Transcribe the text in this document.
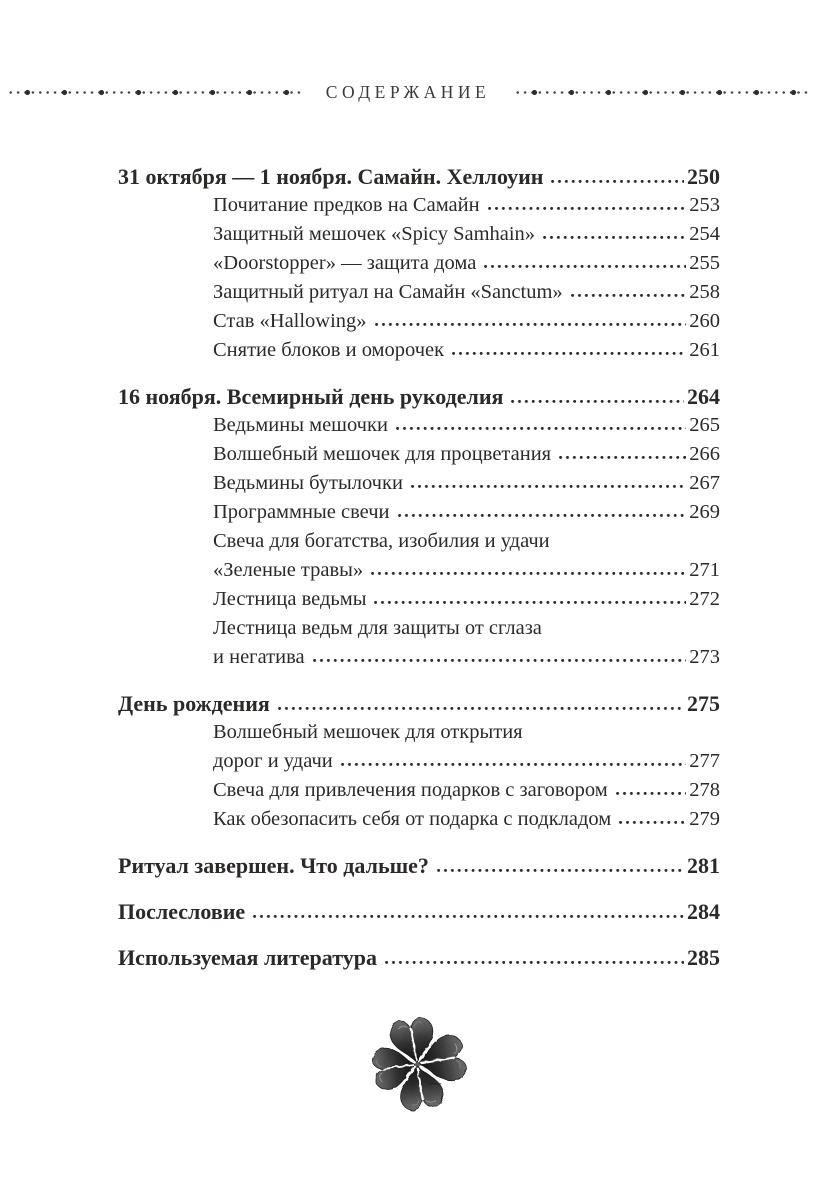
СОДЕРЖАНИЕ
31 октября — 1 ноября. Самайн. Хеллоуин	250
Почитание предков на Самайн	253
Защитный мешочек «Spicy Samhain»	254
«Doorstopper» — защита дома	255
Защитный ритуал на Самайн «Sanctum»	258
Став «Hallowing»	260
Снятие блоков и оморочек	261
16 ноября. Всемирный день рукоделия	264
Ведьмины мешочки	265
Волшебный мешочек для процветания	266
Ведьмины бутылочки	267
Программные свечи	269
Свеча для богатства, изобилия и удачи
«Зеленые травы»	271
Лестница ведьмы	272
Лестница ведьм для защиты от сглаза
и негатива	273
День рождения	275
Волшебный мешочек для открытия
дорог и удачи	277
Свеча для привлечения подарков с заговором	278
Как обезопасить себя от подарка с подкладом	279
Ритуал завершен. Что дальше?	281
Послесловие	284
Используемая литература	285
